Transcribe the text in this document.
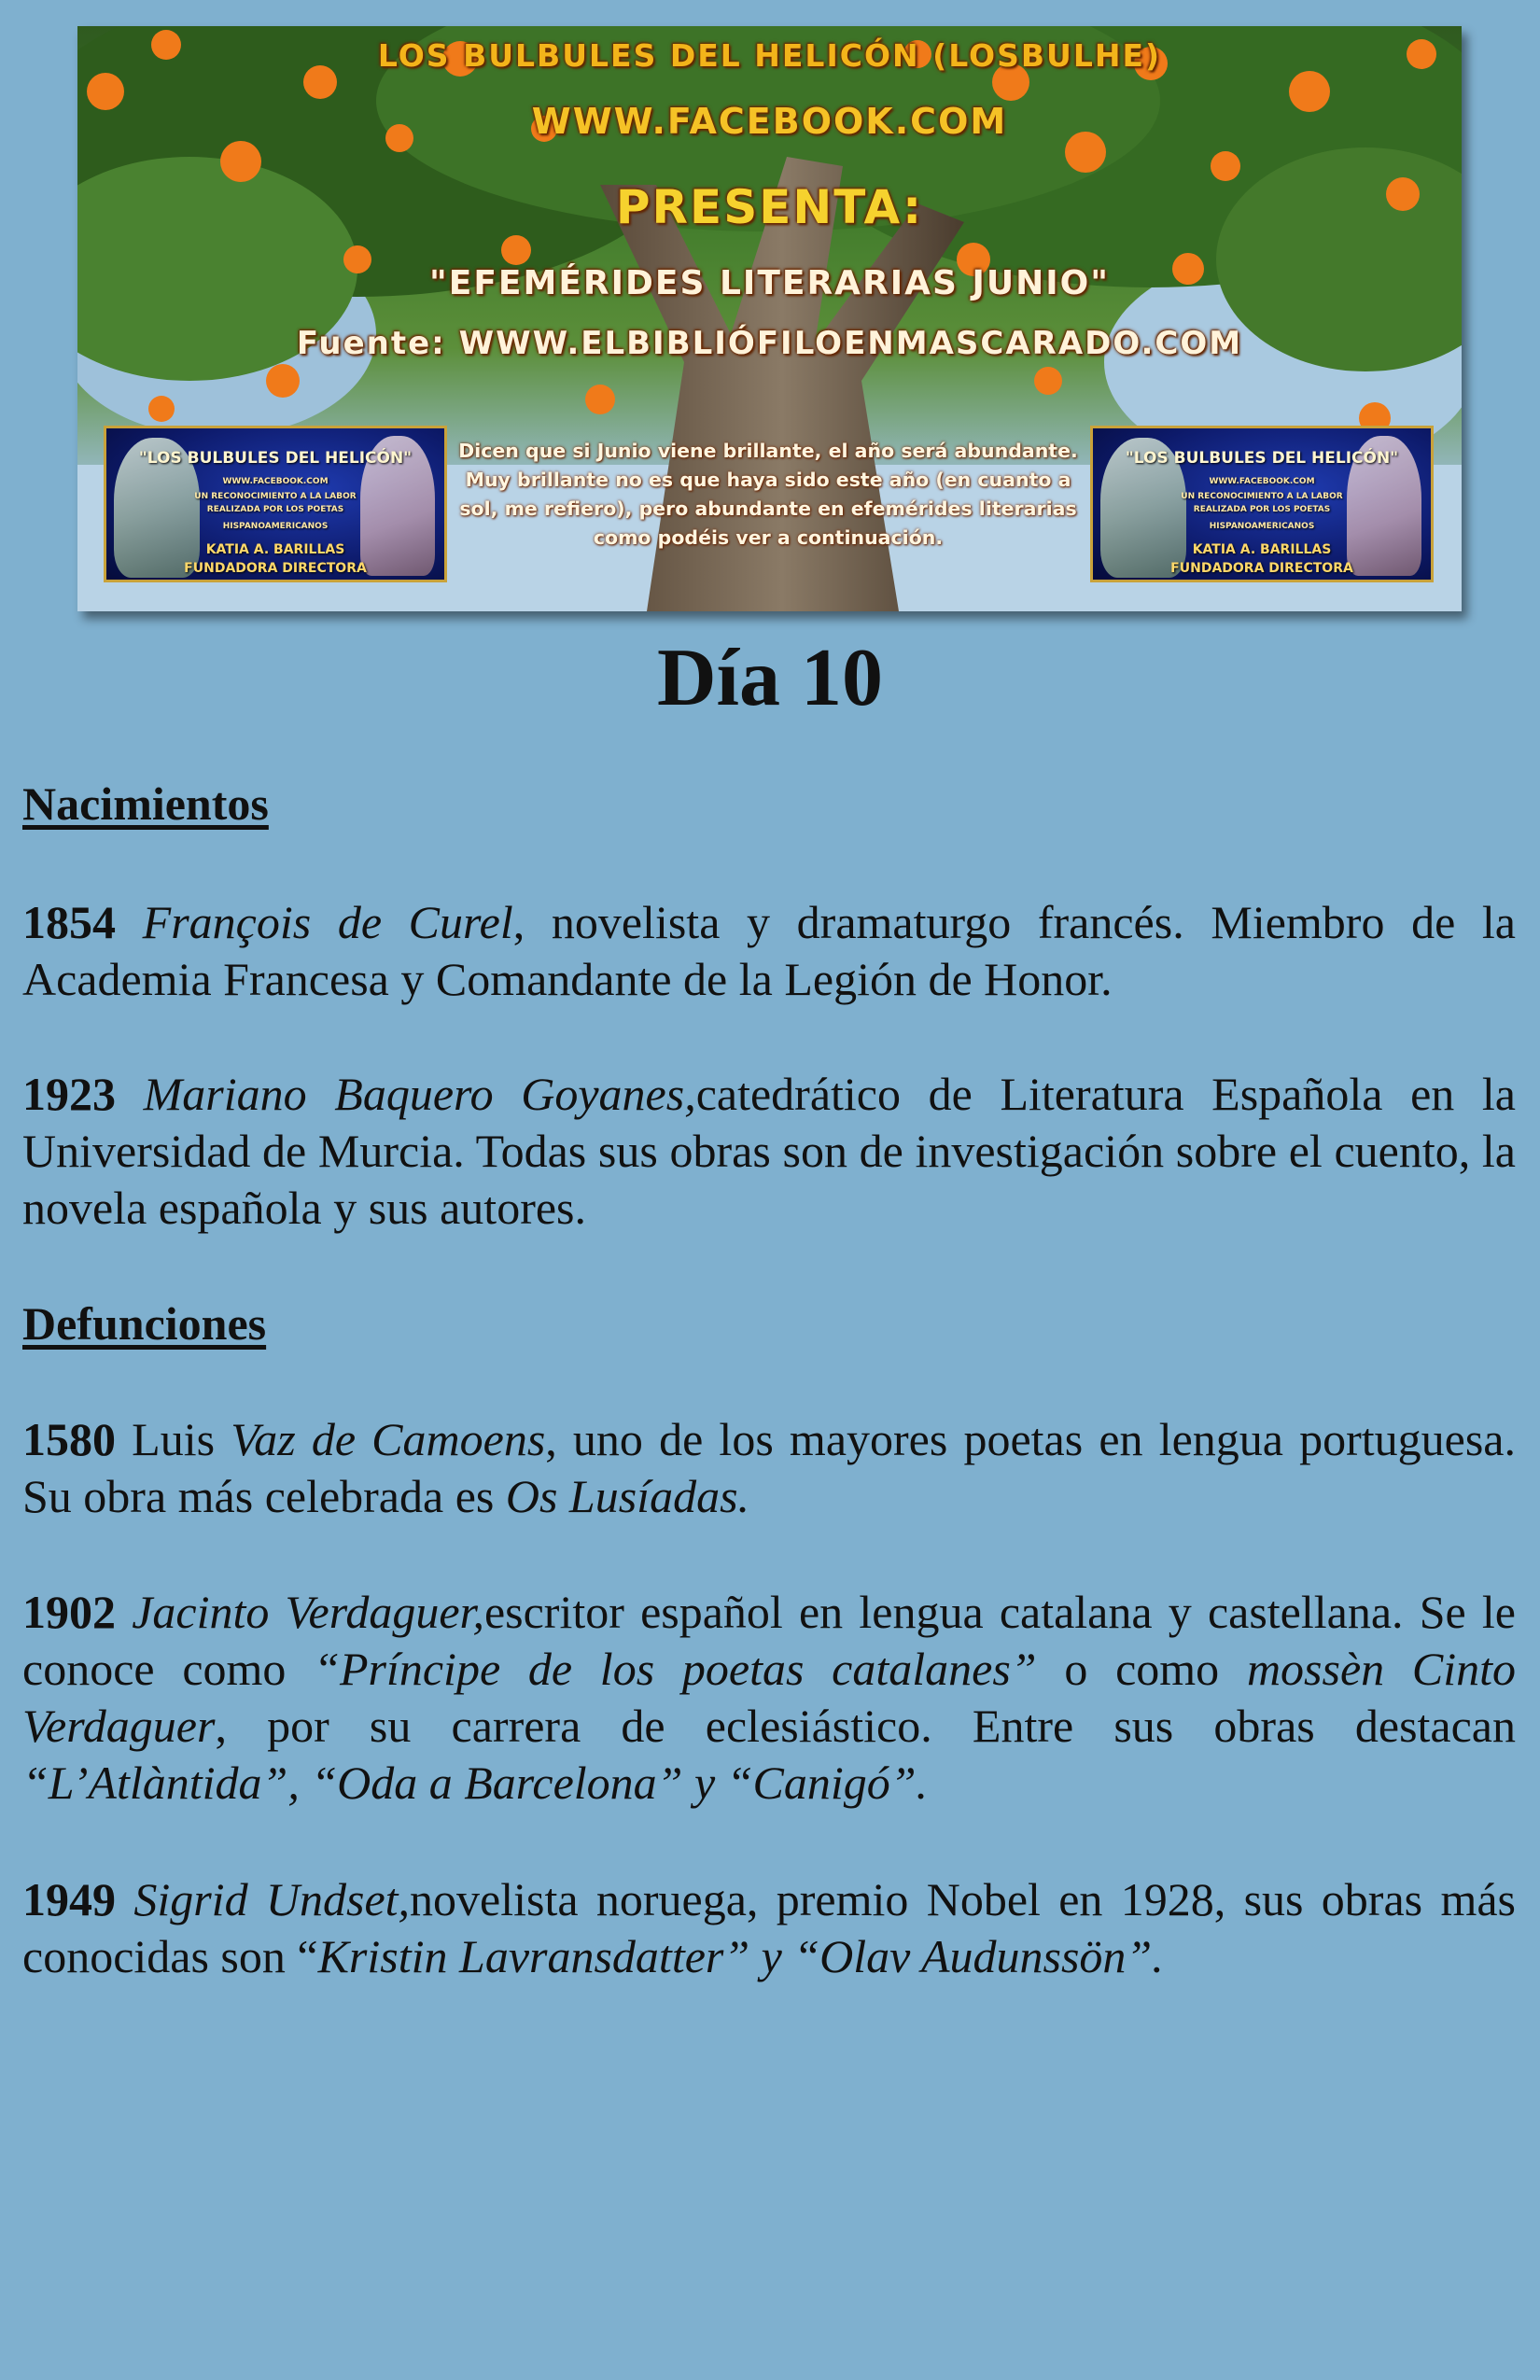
LOS BULBULES DEL HELICÓN (LOSBULHE)
WWW.FACEBOOK.COM
PRESENTA:
"EFEMÉRIDES LITERARIAS JUNIO"
Fuente: WWW.ELBIBLIÓFILOENMASCARADO.COM
"LOS BULBULES DEL HELICÓN"
WWW.FACEBOOK.COM
UN RECONOCIMIENTO A LA LABOR
REALIZADA POR LOS POETAS
HISPANOAMERICANOS
KATIA A. BARILLAS
FUNDADORA DIRECTORA
Dicen que si Junio viene brillante, el año será abundante. Muy brillante no es que haya sido este año (en cuanto a sol, me refiero), pero abundante en efemérides literarias como podéis ver a continuación.
"LOS BULBULES DEL HELICÓN"
WWW.FACEBOOK.COM
UN RECONOCIMIENTO A LA LABOR
REALIZADA POR LOS POETAS
HISPANOAMERICANOS
KATIA A. BARILLAS
FUNDADORA DIRECTORA
Día 10
Nacimientos

1854 François de Curel, novelista y dramaturgo francés. Miembro de la Academia Francesa y Comandante de la Legión de Honor.

1923 Mariano Baquero Goyanes,catedrático de Literatura Española en la Universidad de Murcia. Todas sus obras son de investigación sobre el cuento, la novela española y sus autores.

Defunciones

1580 Luis Vaz de Camoens, uno de los mayores poetas en lengua portuguesa. Su obra más celebrada es Os Lusíadas.

1902 Jacinto Verdaguer,escritor español en lengua catalana y castellana. Se le conoce como “Príncipe de los poetas catalanes” o como mossèn Cinto Verdaguer, por su carrera de eclesiástico. Entre sus obras destacan “L’Atlàntida”, “Oda a Barcelona” y “Canigó”.

1949 Sigrid Undset,novelista noruega, premio Nobel en 1928, sus obras más conocidas son “Kristin Lavransdatter” y “Olav Audunssön”.
